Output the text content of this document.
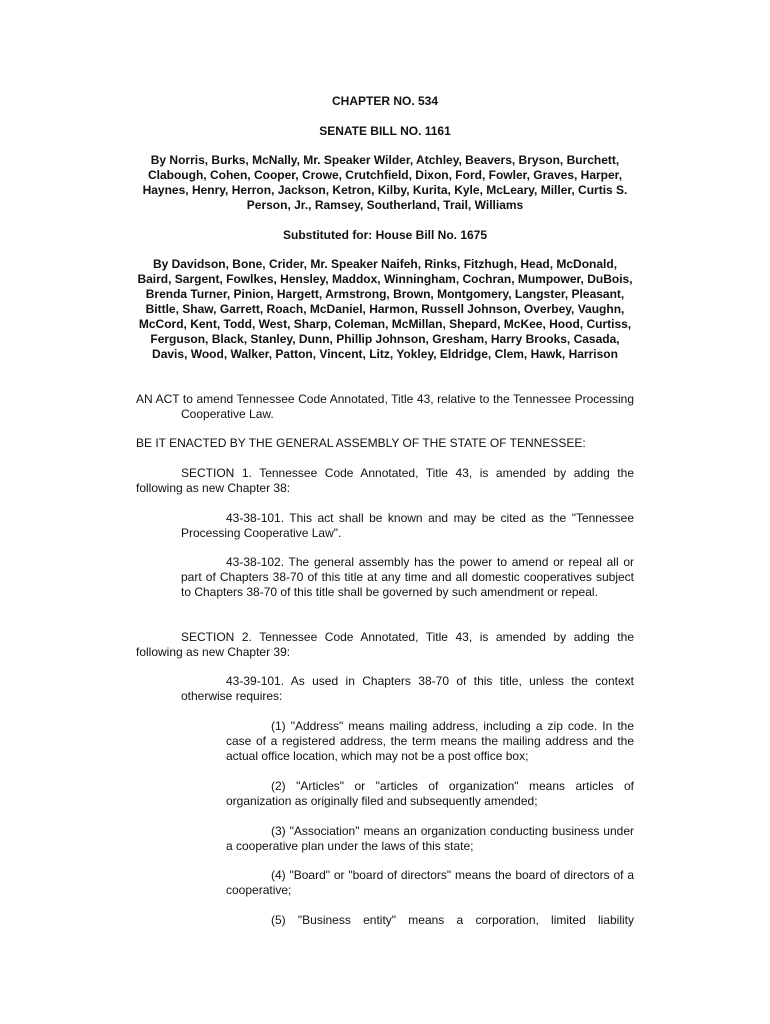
CHAPTER NO. 534

SENATE BILL NO. 1161

By Norris, Burks, McNally, Mr. Speaker Wilder, Atchley, Beavers, Bryson, Burchett, Clabough, Cohen, Cooper, Crowe, Crutchfield, Dixon, Ford, Fowler, Graves, Harper, Haynes, Henry, Herron, Jackson, Ketron, Kilby, Kurita, Kyle, McLeary, Miller, Curtis S. Person, Jr., Ramsey, Southerland, Trail, Williams

Substituted for: House Bill No. 1675

By Davidson, Bone, Crider, Mr. Speaker Naifeh, Rinks, Fitzhugh, Head, McDonald, Baird, Sargent, Fowlkes, Hensley, Maddox, Winningham, Cochran, Mumpower, DuBois, Brenda Turner, Pinion, Hargett, Armstrong, Brown, Montgomery, Langster, Pleasant, Bittle, Shaw, Garrett, Roach, McDaniel, Harmon, Russell Johnson, Overbey, Vaughn, McCord, Kent, Todd, West, Sharp, Coleman, McMillan, Shepard, McKee, Hood, Curtiss, Ferguson, Black, Stanley, Dunn, Phillip Johnson, Gresham, Harry Brooks, Casada, Davis, Wood, Walker, Patton, Vincent, Litz, Yokley, Eldridge, Clem, Hawk, Harrison

AN ACT to amend Tennessee Code Annotated, Title 43, relative to the Tennessee Processing Cooperative Law.

BE IT ENACTED BY THE GENERAL ASSEMBLY OF THE STATE OF TENNESSEE:

SECTION 1. Tennessee Code Annotated, Title 43, is amended by adding the following as new Chapter 38:

43-38-101. This act shall be known and may be cited as the "Tennessee Processing Cooperative Law".

43-38-102. The general assembly has the power to amend or repeal all or part of Chapters 38-70 of this title at any time and all domestic cooperatives subject to Chapters 38-70 of this title shall be governed by such amendment or repeal.

SECTION 2. Tennessee Code Annotated, Title 43, is amended by adding the following as new Chapter 39:

43-39-101. As used in Chapters 38-70 of this title, unless the context otherwise requires:

(1) "Address" means mailing address, including a zip code. In the case of a registered address, the term means the mailing address and the actual office location, which may not be a post office box;

(2) "Articles" or "articles of organization" means articles of organization as originally filed and subsequently amended;

(3) "Association" means an organization conducting business under a cooperative plan under the laws of this state;

(4) "Board" or "board of directors" means the board of directors of a cooperative;

(5) "Business entity" means a corporation, limited liability
